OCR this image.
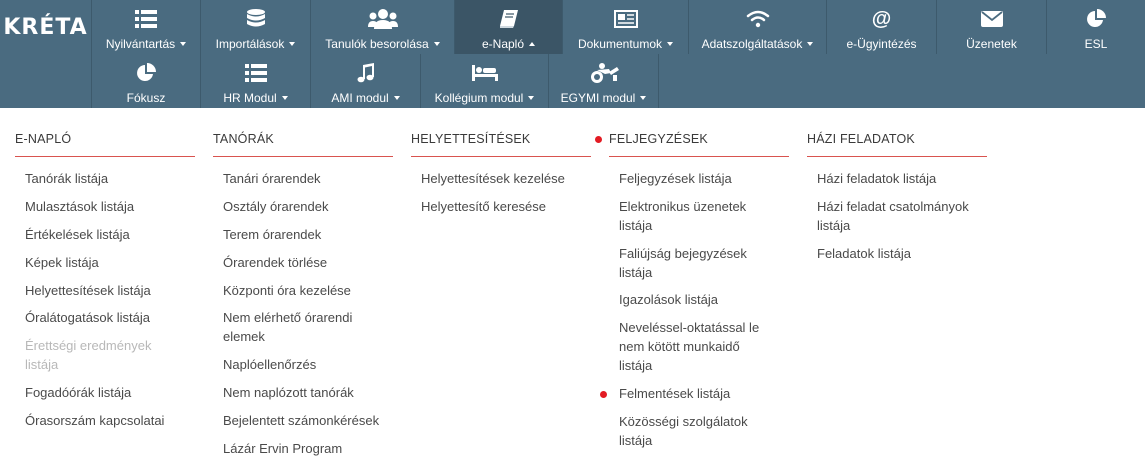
KRÉTA
Nyilvántartás	Importálások	Tanulók besorolása	e-Napló	Dokumentumok	Adatszolgáltatások
@
e-Ügyintézés	Üzenetek	ESL
Fókusz	HR Modul	AMI modul	Kollégium modul	EGYMI modul
E-NAPLÓ
Tanórák listája
Mulasztások listája
Értékelések listája
Képek listája
Helyettesítések listája
Óralátogatások listája
Érettségi eredmények listája
Fogadóórák listája
Órasorszám kapcsolatai
TANÓRÁK
Tanári órarendek
Osztály órarendek
Terem órarendek
Órarendek törlése
Központi óra kezelése
Nem elérhető órarendi elemek
Naplóellenőrzés
Nem naplózott tanórák
Bejelentett számonkérések
Lázár Ervin Program
HELYETTESÍTÉSEK
Helyettesítések kezelése
Helyettesítő keresése
FELJEGYZÉSEK
Feljegyzések listája
Elektronikus üzenetek listája
Faliújság bejegyzések listája
Igazolások listája
Neveléssel-oktatással le nem kötött munkaidő listája
Felmentések listája
Közösségi szolgálatok listája
HÁZI FELADATOK
Házi feladatok listája
Házi feladat csatolmányok listája
Feladatok listája
